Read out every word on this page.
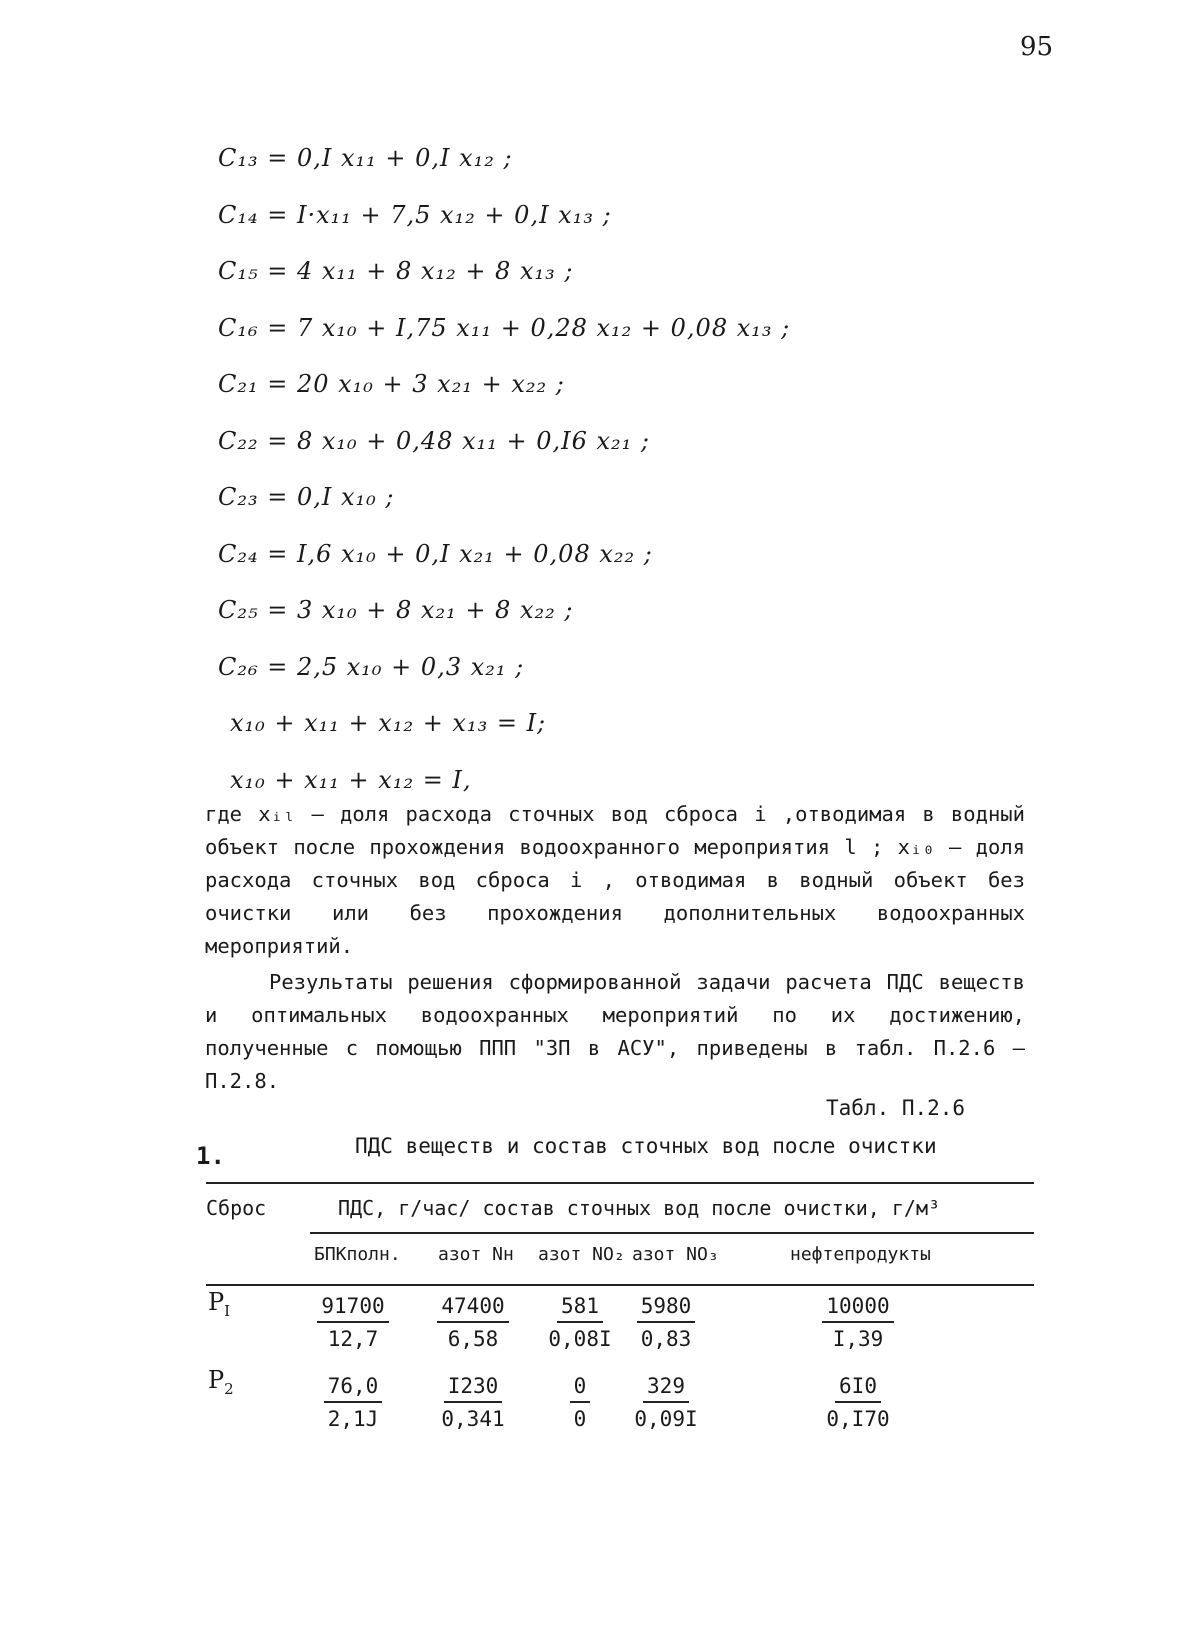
95
C₁₃ = 0,I x₁₁ + 0,I x₁₂ ;
C₁₄ = I·x₁₁ + 7,5 x₁₂ + 0,I x₁₃ ;
C₁₅ = 4 x₁₁ + 8 x₁₂ + 8 x₁₃ ;
C₁₆ = 7 x₁₀ + I,75 x₁₁ + 0,28 x₁₂ + 0,08 x₁₃ ;
C₂₁ = 20 x₁₀ + 3 x₂₁ + x₂₂ ;
C₂₂ = 8 x₁₀ + 0,48 x₁₁ + 0,I6 x₂₁ ;
C₂₃ = 0,I x₁₀ ;
C₂₄ = I,6 x₁₀ + 0,I x₂₁ + 0,08 x₂₂ ;
C₂₅ = 3 x₁₀ + 8 x₂₁ + 8 x₂₂ ;
C₂₆ = 2,5 x₁₀ + 0,3 x₂₁ ;
x₁₀ + x₁₁ + x₁₂ + x₁₃ = I;
x₁₀ + x₁₁ + x₁₂ = I,
где xᵢₗ – доля расхода сточных вод сброса i ,отводимая в водный объект после прохождения водоохранного мероприятия l ; xᵢ₀ – доля расхода сточных вод сброса i , отводимая в водный объект без очистки или без прохождения дополнительных водоохранных мероприятий.
Результаты решения сформированной задачи расчета ПДС веществ и оптимальных водоохранных мероприятий по их достижению, полученные с помощью ППП "ЗП в АСУ", приведены в табл. П.2.6 – П.2.8.
Табл. П.2.6
1.	ПДС веществ и состав сточных вод после очистки
Сброс	ПДС, г/час/ состав сточных вод после очистки, г/м³
БПКполн. азот Nн азот NO₂ азот NO₃	нефтепродукты
$P_I$	$\frac{91700}{12,7} \frac{47400}{6,58} \frac{581}{0,08I} \frac{5980}{0,83}$	$\frac{10000}{I,39}$
$P_2$	$\frac{76,0}{2,1J} \frac{I230}{0,341} \frac{0}{0} \frac{329}{0,09I}$	$\frac{6I0}{0,I70}$
